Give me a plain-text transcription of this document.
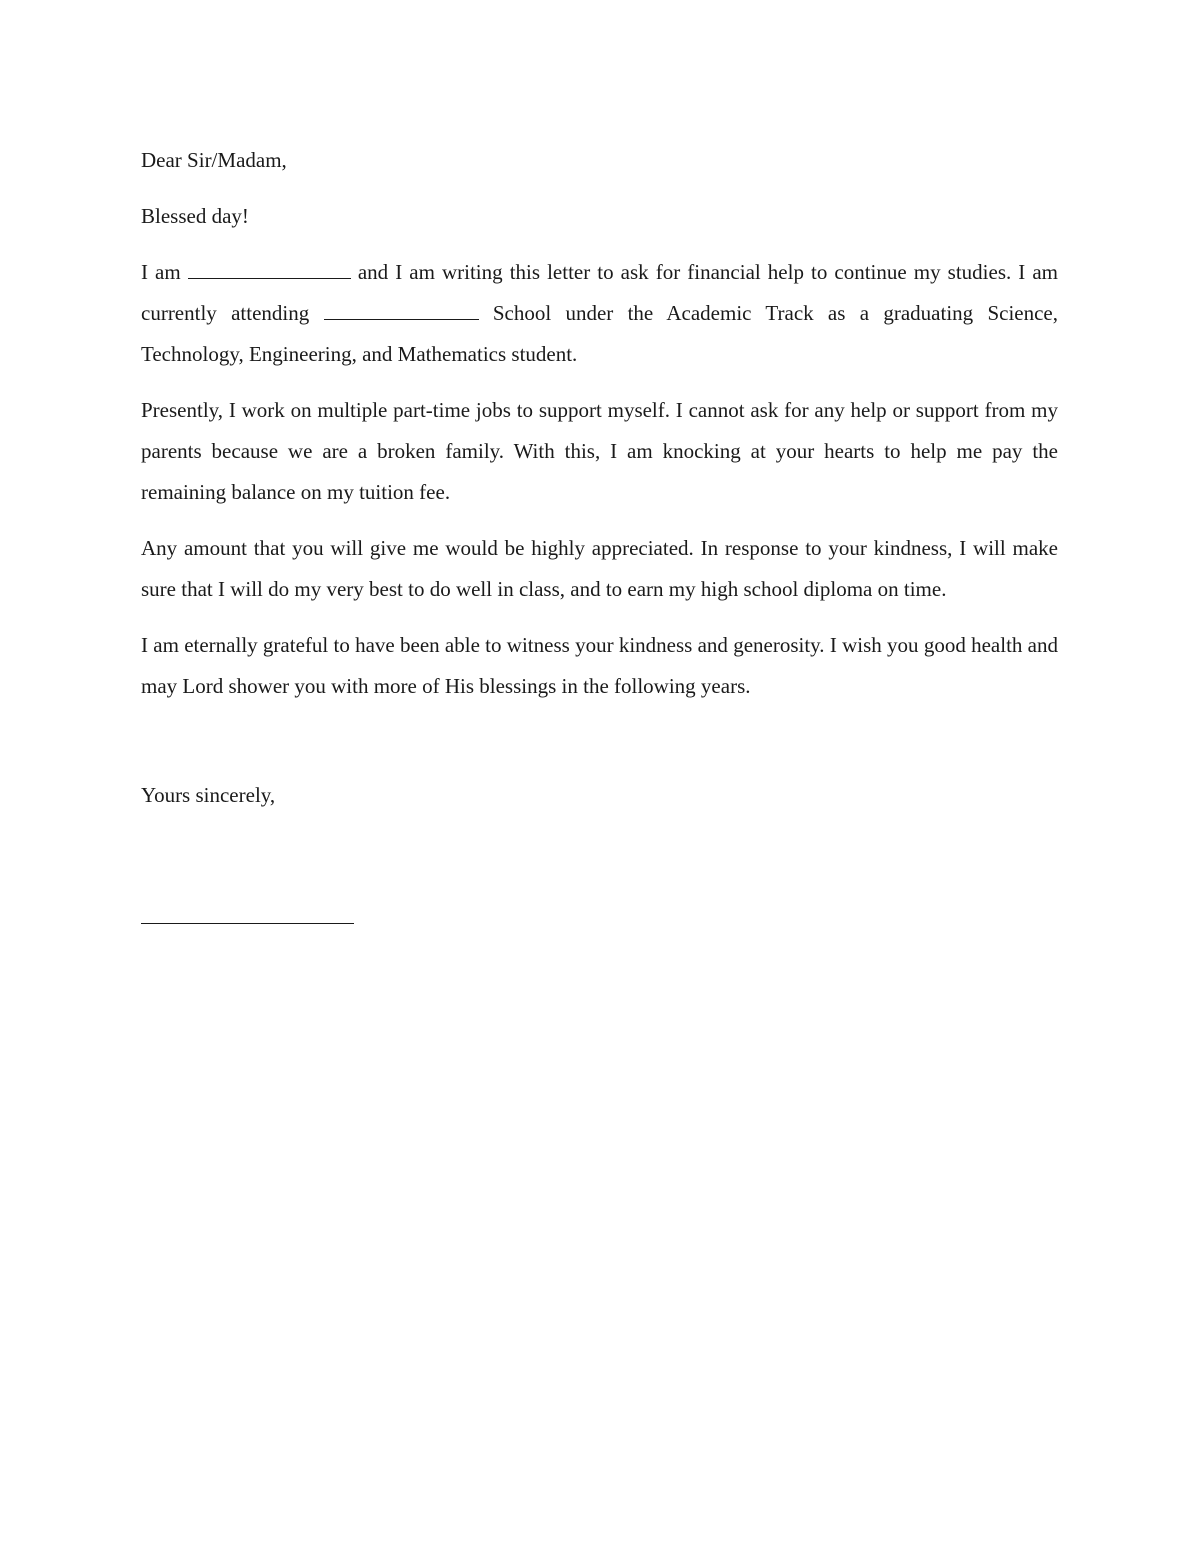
Dear Sir/Madam,

Blessed day!

I am	and I am writing this letter to ask for financial help to continue my studies. I am currently attending	School under the Academic Track as a graduating Science, Technology, Engineering, and Mathematics student.

Presently, I work on multiple part-time jobs to support myself. I cannot ask for any help or support from my parents because we are a broken family. With this, I am knocking at your hearts to help me pay the remaining balance on my tuition fee.

Any amount that you will give me would be highly appreciated. In response to your kindness, I will make sure that I will do my very best to do well in class, and to earn my high school diploma on time.

I am eternally grateful to have been able to witness your kindness and generosity. I wish you good health and may Lord shower you with more of His blessings in the following years.

Yours sincerely,
